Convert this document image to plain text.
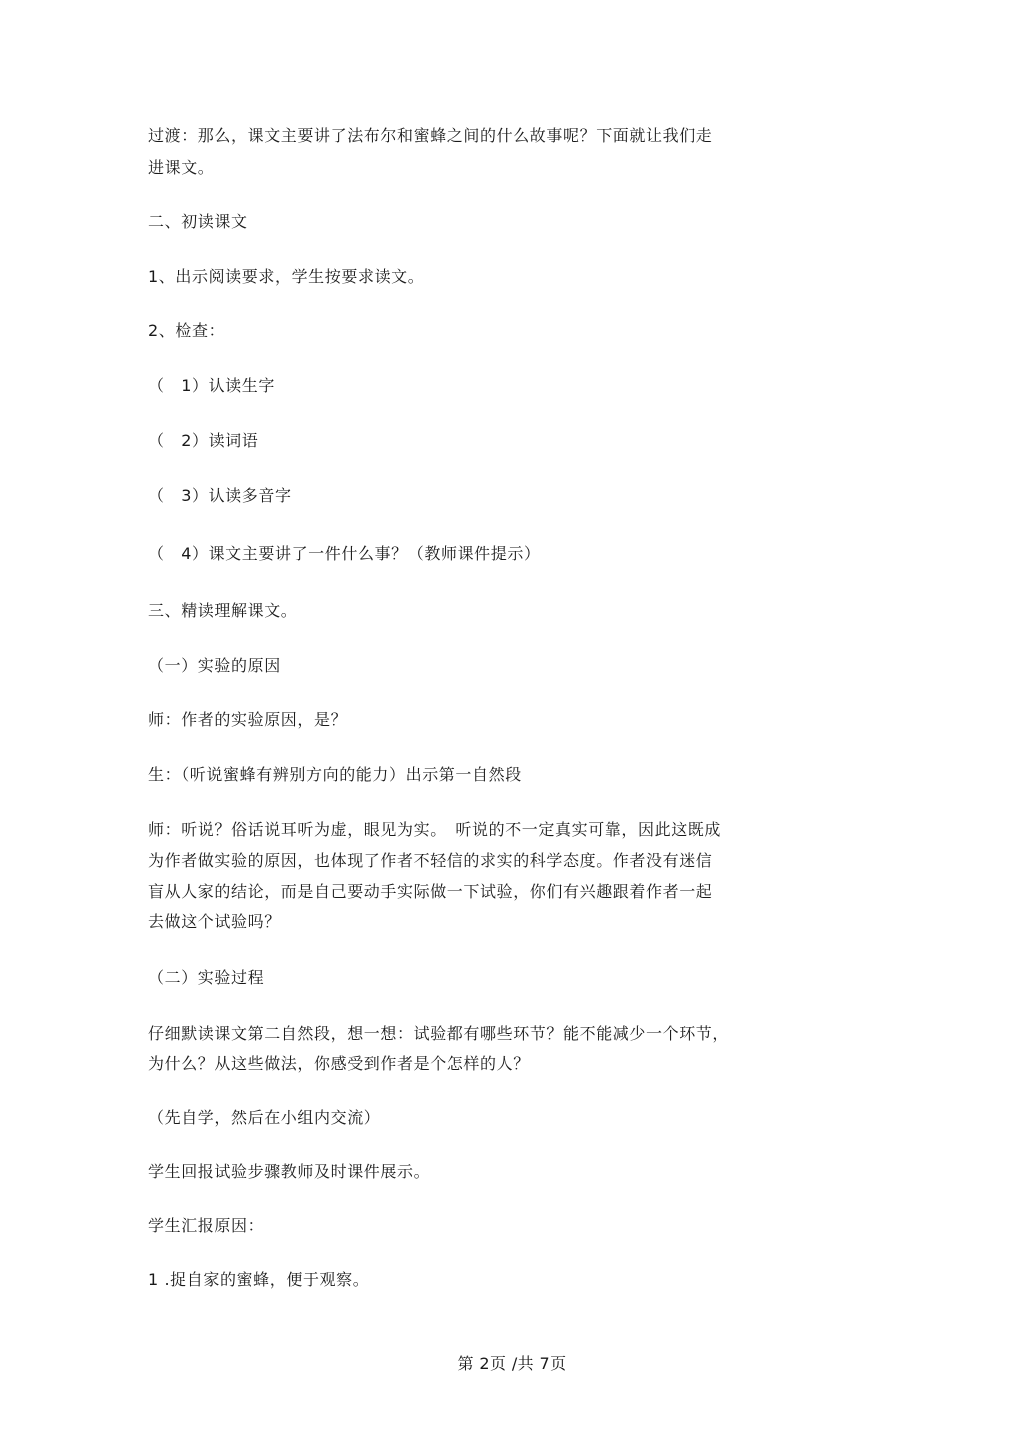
过渡：那么，课文主要讲了法布尔和蜜蜂之间的什么故事呢？下面就让我们走
进课文。
二、初读课文
1、出示阅读要求，学生按要求读文。
2、检查：
（　1）认读生字
（　2）读词语
（　3）认读多音字
（　4）课文主要讲了一件什么事？（教师课件提示）
三、精读理解课文。
（一）实验的原因
师：作者的实验原因，是？
生：（听说蜜蜂有辨别方向的能力）出示第一自然段
师：听说？俗话说耳听为虚，眼见为实。　听说的不一定真实可靠，因此这既成
为作者做实验的原因，也体现了作者不轻信的求实的科学态度。作者没有迷信
盲从人家的结论，而是自己要动手实际做一下试验，你们有兴趣跟着作者一起
去做这个试验吗？
（二）实验过程
仔细默读课文第二自然段，想一想：试验都有哪些环节？能不能减少一个环节，
为什么？从这些做法，你感受到作者是个怎样的人？
（先自学，然后在小组内交流）
学生回报试验步骤教师及时课件展示。
学生汇报原因：
1 .捉自家的蜜蜂，便于观察。
第 2页 /共 7页
